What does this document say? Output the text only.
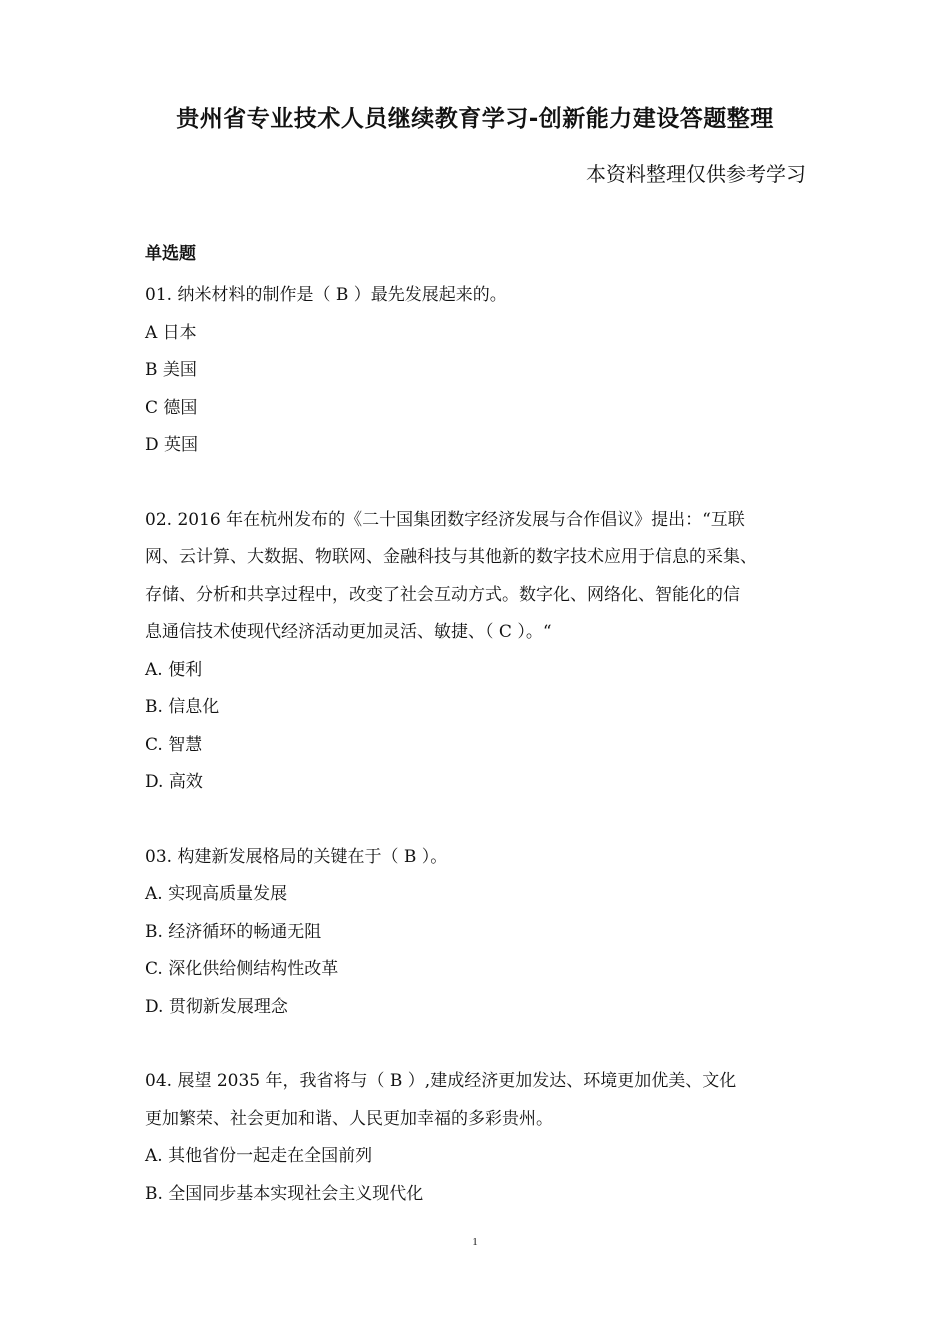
贵州省专业技术人员继续教育学习-创新能力建设答题整理
本资料整理仅供参考学习
单选题
01. 纳米材料的制作是（ B ）最先发展起来的。
A 日本
B 美国
C 德国
D 英国
02. 2016 年在杭州发布的《二十国集团数字经济发展与合作倡议》提出：“互联
网、云计算、大数据、物联网、金融科技与其他新的数字技术应用于信息的采集、
存储、分析和共享过程中，改变了社会互动方式。数字化、网络化、智能化的信
息通信技术使现代经济活动更加灵活、敏捷、（ C ）。“
A. 便利
B. 信息化
C. 智慧
D. 高效
03. 构建新发展格局的关键在于（ B ）。
A. 实现高质量发展
B. 经济循环的畅通无阻
C. 深化供给侧结构性改革
D. 贯彻新发展理念
04. 展望 2035 年，我省将与（ B ）,建成经济更加发达、环境更加优美、文化
更加繁荣、社会更加和谐、人民更加幸福的多彩贵州。
A. 其他省份一起走在全国前列
B. 全国同步基本实现社会主义现代化
1
